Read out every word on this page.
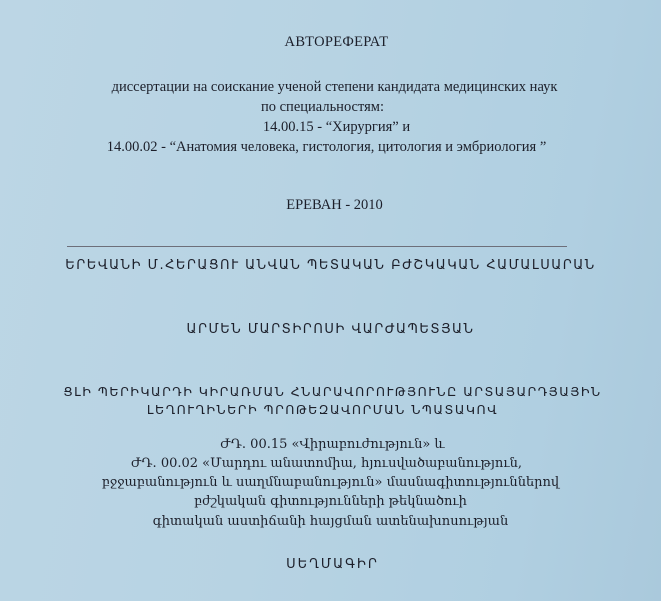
АВТОРЕФЕРАТ
диссертации на соискание ученой степени кандидата медицинских наук
по специальностям:
14.00.15 - “Хирургия” и
14.00.02 - “Анатомия человека, гистология, цитология и эмбриология ”
ЕРЕВАН - 2010
ԵՐԵՎԱՆԻ Մ.ՀԵՐԱՑՈՒ ԱՆՎԱՆ ՊԵՏԱԿԱՆ ԲԺՇԿԱԿԱՆ ՀԱՄԱԼՍԱՐԱՆ
ԱՐՄԵՆ ՄԱՐՏԻՐՈՍԻ ՎԱՐԺԱՊԵՏՅԱՆ
ՑԼԻ ՊԵՐԻԿԱՐԴԻ ԿԻՐԱՌՄԱՆ ՀՆԱՐԱՎՈՐՈՒԹՅՈՒՆԸ ԱՐՏԱՅԱՐԴՅԱՅԻՆ
ԼԵՂՈՒՂԻՆԵՐԻ ՊՐՈԹԵԶԱՎՈՐՄԱՆ ՆՊԱՏԱԿՈՎ
ԺԴ. 00.15 «Վիրաբուժություն» և
ԺԴ. 00.02 «Մարդու անատոմիա, հյուսվածաբանություն,
բջջաբանություն և սաղմնաբանություն» մասնագիտություններով
բժշկական գիտությունների թեկնածուի
գիտական աստիճանի հայցման ատենախոսության
ՍԵՂՄԱԳԻՐ
